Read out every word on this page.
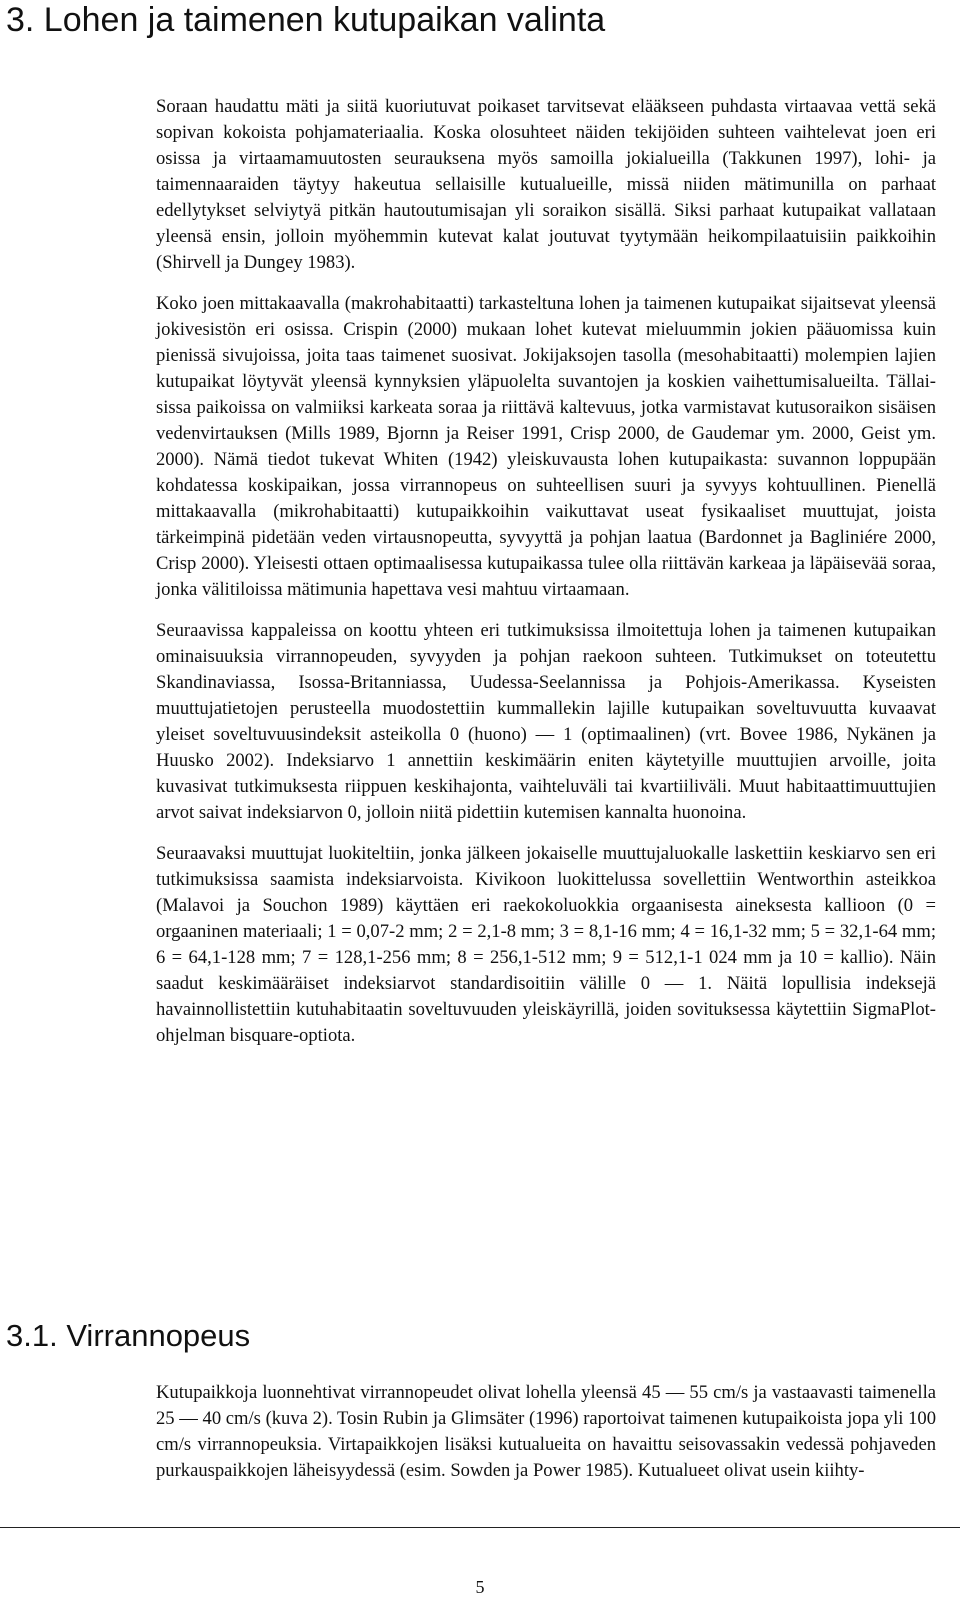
3. Lohen ja taimenen kutupaikan valinta

Soraan haudattu mäti ja siitä kuoriutuvat poikaset tarvitsevat elääkseen puhdasta virtaavaa vettä sekä sopivan kokoista pohjamateriaalia. Koska olosuhteet näiden tekijöiden suhteen vaihtelevat joen eri osissa ja virtaamamuutosten seurauksena myös samoilla jokialueilla (Takkunen 1997), lohi- ja taimennaaraiden täytyy hakeutua sellaisille kutualueille, missä niiden mätimunilla on parhaat edellytykset selviytyä pitkän hautoutumisajan yli soraikon sisällä. Siksi parhaat kutupaikat vallataan yleensä ensin, jolloin myöhemmin kutevat kalat joutuvat tyytymään heikompilaatuisiin paikkoihin (Shirvell ja Dungey 1983).

Koko joen mittakaavalla (makrohabitaatti) tarkasteltuna lohen ja taimenen kutupaikat sijaitsevat yleensä jokivesistön eri osissa. Crispin (2000) mukaan lohet kutevat mieluummin jokien pääuomissa kuin pienissä sivujoissa, joita taas taimenet suosivat. Jokijaksojen tasolla (mesohabitaatti) molempien lajien kutupaikat löytyvät yleensä kynnyksien yläpuolelta suvantojen ja koskien vaihettumisalueilta. Tällaisissa paikoissa on valmiiksi karkeata soraa ja riittävä kaltevuus, jotka varmistavat kutusoraikon sisäisen vedenvirtauksen (Mills 1989, Bjornn ja Reiser 1991, Crisp 2000, de Gaudemar ym. 2000, Geist ym. 2000). Nämä tiedot tukevat Whiten (1942) yleiskuvausta lohen kutupaikasta: suvannon loppupään kohdatessa koskipaikan, jossa virrannopeus on suhteellisen suuri ja syvyys kohtuullinen. Pienellä mittakaavalla (mikrohabitaatti) kutupaikkoihin vaikuttavat useat fysikaaliset muuttujat, joista tärkeimpinä pidetään veden virtausnopeutta, syvyyttä ja pohjan laatua (Bardonnet ja Bagliniére 2000, Crisp 2000). Yleisesti ottaen optimaalisessa kutupaikassa tulee olla riittävän karkeaa ja läpäisevää soraa, jonka välitiloissa mätimunia hapettava vesi mahtuu virtaamaan.

Seuraavissa kappaleissa on koottu yhteen eri tutkimuksissa ilmoitettuja lohen ja taimenen kutupaikan ominaisuuksia virrannopeuden, syvyyden ja pohjan raekoon suhteen. Tutkimukset on toteutettu Skandinaviassa, Isossa-Britanniassa, Uudessa-Seelannissa ja Pohjois-Amerikassa. Kyseisten muuttujatietojen perusteella muodostettiin kummallekin lajille kutupaikan soveltuvuutta kuvaavat yleiset soveltuvuusindeksit asteikolla 0 (huono) — 1 (optimaalinen) (vrt. Bovee 1986, Nykänen ja Huusko 2002). Indeksiarvo 1 annettiin keskimäärin eniten käytetyille muuttujien arvoille, joita kuvasivat tutkimuksesta riippuen keskihajonta, vaihteluväli tai kvartiiliväli. Muut habitaattimuuttujien arvot saivat indeksiarvon 0, jolloin niitä pidettiin kutemisen kannalta huonoina.

Seuraavaksi muuttujat luokiteltiin, jonka jälkeen jokaiselle muuttujaluokalle laskettiin keskiarvo sen eri tutkimuksissa saamista indeksiarvoista. Kivikoon luokittelussa sovellettiin Wentworthin asteikkoa (Malavoi ja Souchon 1989) käyttäen eri raekokoluokkia orgaanisesta aineksesta kallioon (0 = orgaaninen materiaali; 1 = 0,07-2 mm; 2 = 2,1-8 mm; 3 = 8,1-16 mm; 4 = 16,1-32 mm; 5 = 32,1-64 mm; 6 = 64,1-128 mm; 7 = 128,1-256 mm; 8 = 256,1-512 mm; 9 = 512,1-1 024 mm ja 10 = kallio). Näin saadut keskimääräiset indeksiarvot standardisoitiin välille 0 — 1. Näitä lopullisia indeksejä havainnollistettiin kutuhabitaatin soveltuvuuden yleiskäyrillä, joiden sovituksessa käytettiin SigmaPlot-ohjelman bisquare-optiota.

3.1. Virrannopeus

Kutupaikkoja luonnehtivat virrannopeudet olivat lohella yleensä 45 — 55 cm/s ja vastaavasti taimenella 25 — 40 cm/s (kuva 2). Tosin Rubin ja Glimsäter (1996) raportoivat taimenen kutupaikoista jopa yli 100 cm/s virrannopeuksia. Virtapaikkojen lisäksi kutualueita on havaittu seisovassakin vedessä pohjaveden purkauspaikkojen läheisyydessä (esim. Sowden ja Power 1985). Kutualueet olivat usein kiihty-

5
